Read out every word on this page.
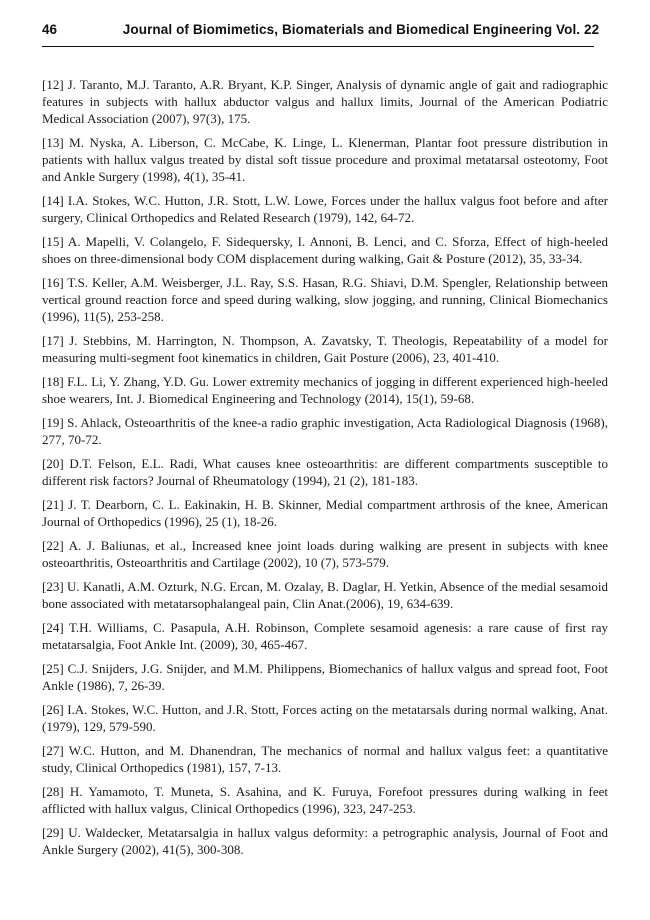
46	Journal of Biomimetics, Biomaterials and Biomedical Engineering Vol. 22

[12] J. Taranto, M.J. Taranto, A.R. Bryant, K.P. Singer, Analysis of dynamic angle of gait and radiographic features in subjects with hallux abductor valgus and hallux limits, Journal of the American Podiatric Medical Association (2007), 97(3), 175.

[13] M. Nyska, A. Liberson, C. McCabe, K. Linge, L. Klenerman, Plantar foot pressure distribution in patients with hallux valgus treated by distal soft tissue procedure and proximal metatarsal osteotomy, Foot and Ankle Surgery (1998), 4(1), 35-41.

[14] I.A. Stokes, W.C. Hutton, J.R. Stott, L.W. Lowe, Forces under the hallux valgus foot before and after surgery, Clinical Orthopedics and Related Research (1979), 142, 64-72.

[15] A. Mapelli, V. Colangelo, F. Sidequersky, I. Annoni, B. Lenci, and C. Sforza, Effect of high-heeled shoes on three-dimensional body COM displacement during walking, Gait & Posture (2012), 35, 33-34.

[16] T.S. Keller, A.M. Weisberger, J.L. Ray, S.S. Hasan, R.G. Shiavi, D.M. Spengler, Relationship between vertical ground reaction force and speed during walking, slow jogging, and running, Clinical Biomechanics (1996), 11(5), 253-258.

[17] J. Stebbins, M. Harrington, N. Thompson, A. Zavatsky, T. Theologis, Repeatability of a model for measuring multi-segment foot kinematics in children, Gait Posture (2006), 23, 401-410.

[18] F.L. Li, Y. Zhang, Y.D. Gu. Lower extremity mechanics of jogging in different experienced high-heeled shoe wearers, Int. J. Biomedical Engineering and Technology (2014), 15(1), 59-68.

[19] S. Ahlack, Osteoarthritis of the knee-a radio graphic investigation, Acta Radiological Diagnosis (1968), 277, 70-72.

[20] D.T. Felson, E.L. Radi, What causes knee osteoarthritis: are different compartments susceptible to different risk factors? Journal of Rheumatology (1994), 21 (2), 181-183.

[21] J. T. Dearborn, C. L. Eakinakin, H. B. Skinner, Medial compartment arthrosis of the knee, American Journal of Orthopedics (1996), 25 (1), 18-26.

[22] A. J. Baliunas, et al., Increased knee joint loads during walking are present in subjects with knee osteoarthritis, Osteoarthritis and Cartilage (2002), 10 (7), 573-579.

[23] U. Kanatli, A.M. Ozturk, N.G. Ercan, M. Ozalay, B. Daglar, H. Yetkin, Absence of the medial sesamoid bone associated with metatarsophalangeal pain, Clin Anat.(2006), 19, 634-639.

[24] T.H. Williams, C. Pasapula, A.H. Robinson, Complete sesamoid agenesis: a rare cause of first ray metatarsalgia, Foot Ankle Int. (2009), 30, 465-467.

[25] C.J. Snijders, J.G. Snijder, and M.M. Philippens, Biomechanics of hallux valgus and spread foot, Foot Ankle (1986), 7, 26-39.

[26] I.A. Stokes, W.C. Hutton, and J.R. Stott, Forces acting on the metatarsals during normal walking, Anat. (1979), 129, 579-590.

[27] W.C. Hutton, and M. Dhanendran, The mechanics of normal and hallux valgus feet: a quantitative study, Clinical Orthopedics (1981), 157, 7-13.

[28] H. Yamamoto, T. Muneta, S. Asahina, and K. Furuya, Forefoot pressures during walking in feet afflicted with hallux valgus, Clinical Orthopedics (1996), 323, 247-253.

[29] U. Waldecker, Metatarsalgia in hallux valgus deformity: a petrographic analysis, Journal of Foot and Ankle Surgery (2002), 41(5), 300-308.
